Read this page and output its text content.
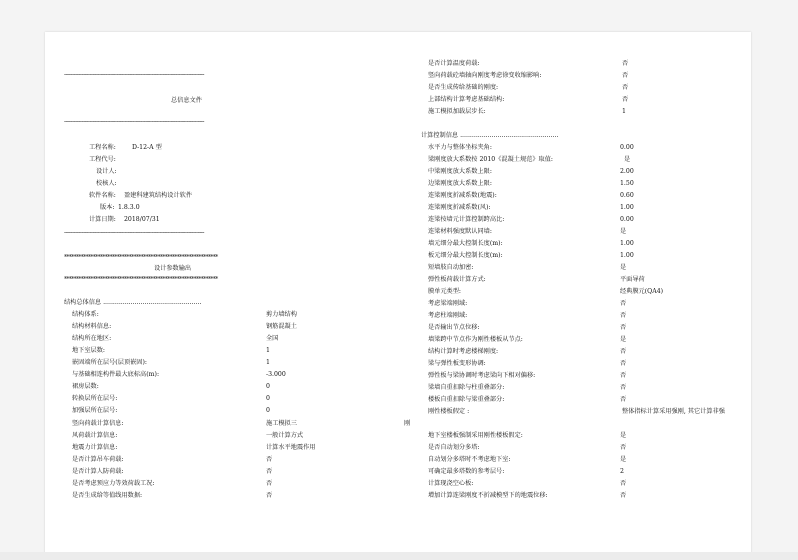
----------------------------------------------------------------------------------------
总信息文件
----------------------------------------------------------------------------------------
工程名称:	D-12-A 型
工程代号:
设计人:
校核人:
软件名称: 盈建科建筑结构设计软件
版本: 1.8.3.0
计算日期: 2018/07/31
----------------------------------------------------------------------------------------
****************************************************************
设计参数输出
****************************************************************
结构总体信息 ..................................................
结构体系:	剪力墙结构
结构材料信息:	钢筋混凝土
结构所在地区:	全国
地下室层数:	1
嵌固端所在层号(层顶嵌固):	1
与基础相连构件最大底标高(m):	-3.000
裙房层数:	0
转换层所在层号:	0
加强层所在层号:	0
竖向荷载计算信息:	施工模拟三	刚
风荷载计算信息:	一般计算方式
地震力计算信息:	计算水平地震作用
是否计算吊车荷载:	否
是否计算人防荷载:	否
是否考虑预应力等效荷载工况:	否
是否生成给等值线用数据:	否
是否计算温度荷载:	否
竖向荷载砼墙轴向刚度考虑徐变收缩影响:	否
是否生成传给基础的刚度:	否
上部结构计算考虑基础结构:	否
施工模拟加载层步长:	1
计算控制信息 ..................................................
水平力与整体坐标夹角:	0.00
梁刚度放大系数按 2010《混凝土规范》取值:	是
中梁刚度放大系数上限:	2.00
边梁刚度放大系数上限:	1.50
连梁刚度折减系数(地震):	0.60
连梁刚度折减系数(风):	1.00
连梁按墙元计算控制跨高比:	0.00
连梁材料强度默认同墙:	是
墙元细分最大控制长度(m):	1.00
板元细分最大控制长度(m):	1.00
短墙肢自动加密:	是
弹性板荷载计算方式:	平面导荷
膜单元类型:	经典膜元(QA4)
考虑梁端刚域:	否
考虑柱端刚域:	否
是否输出节点位移:	否
墙梁跨中节点作为刚性楼板从节点:	是
结构计算时考虑楼梯刚度:	否
梁与弹性板变形协调:	否
弹性板与梁协调时考虑梁向下相对偏移:	否
梁墙自重扣除与柱重叠部分:	否
楼板自重扣除与梁重叠部分:	否
刚性楼板假定 :	整体指标计算采用强刚, 其它计算非强
地下室楼板强制采用刚性楼板假定:	是
是否自动划分多塔:	否
自动划分多塔时不考虑地下室:	是
可确定最多塔数的参考层号:	2
计算现浇空心板:	否
增加计算连梁刚度不折减模型下的地震位移:	否
